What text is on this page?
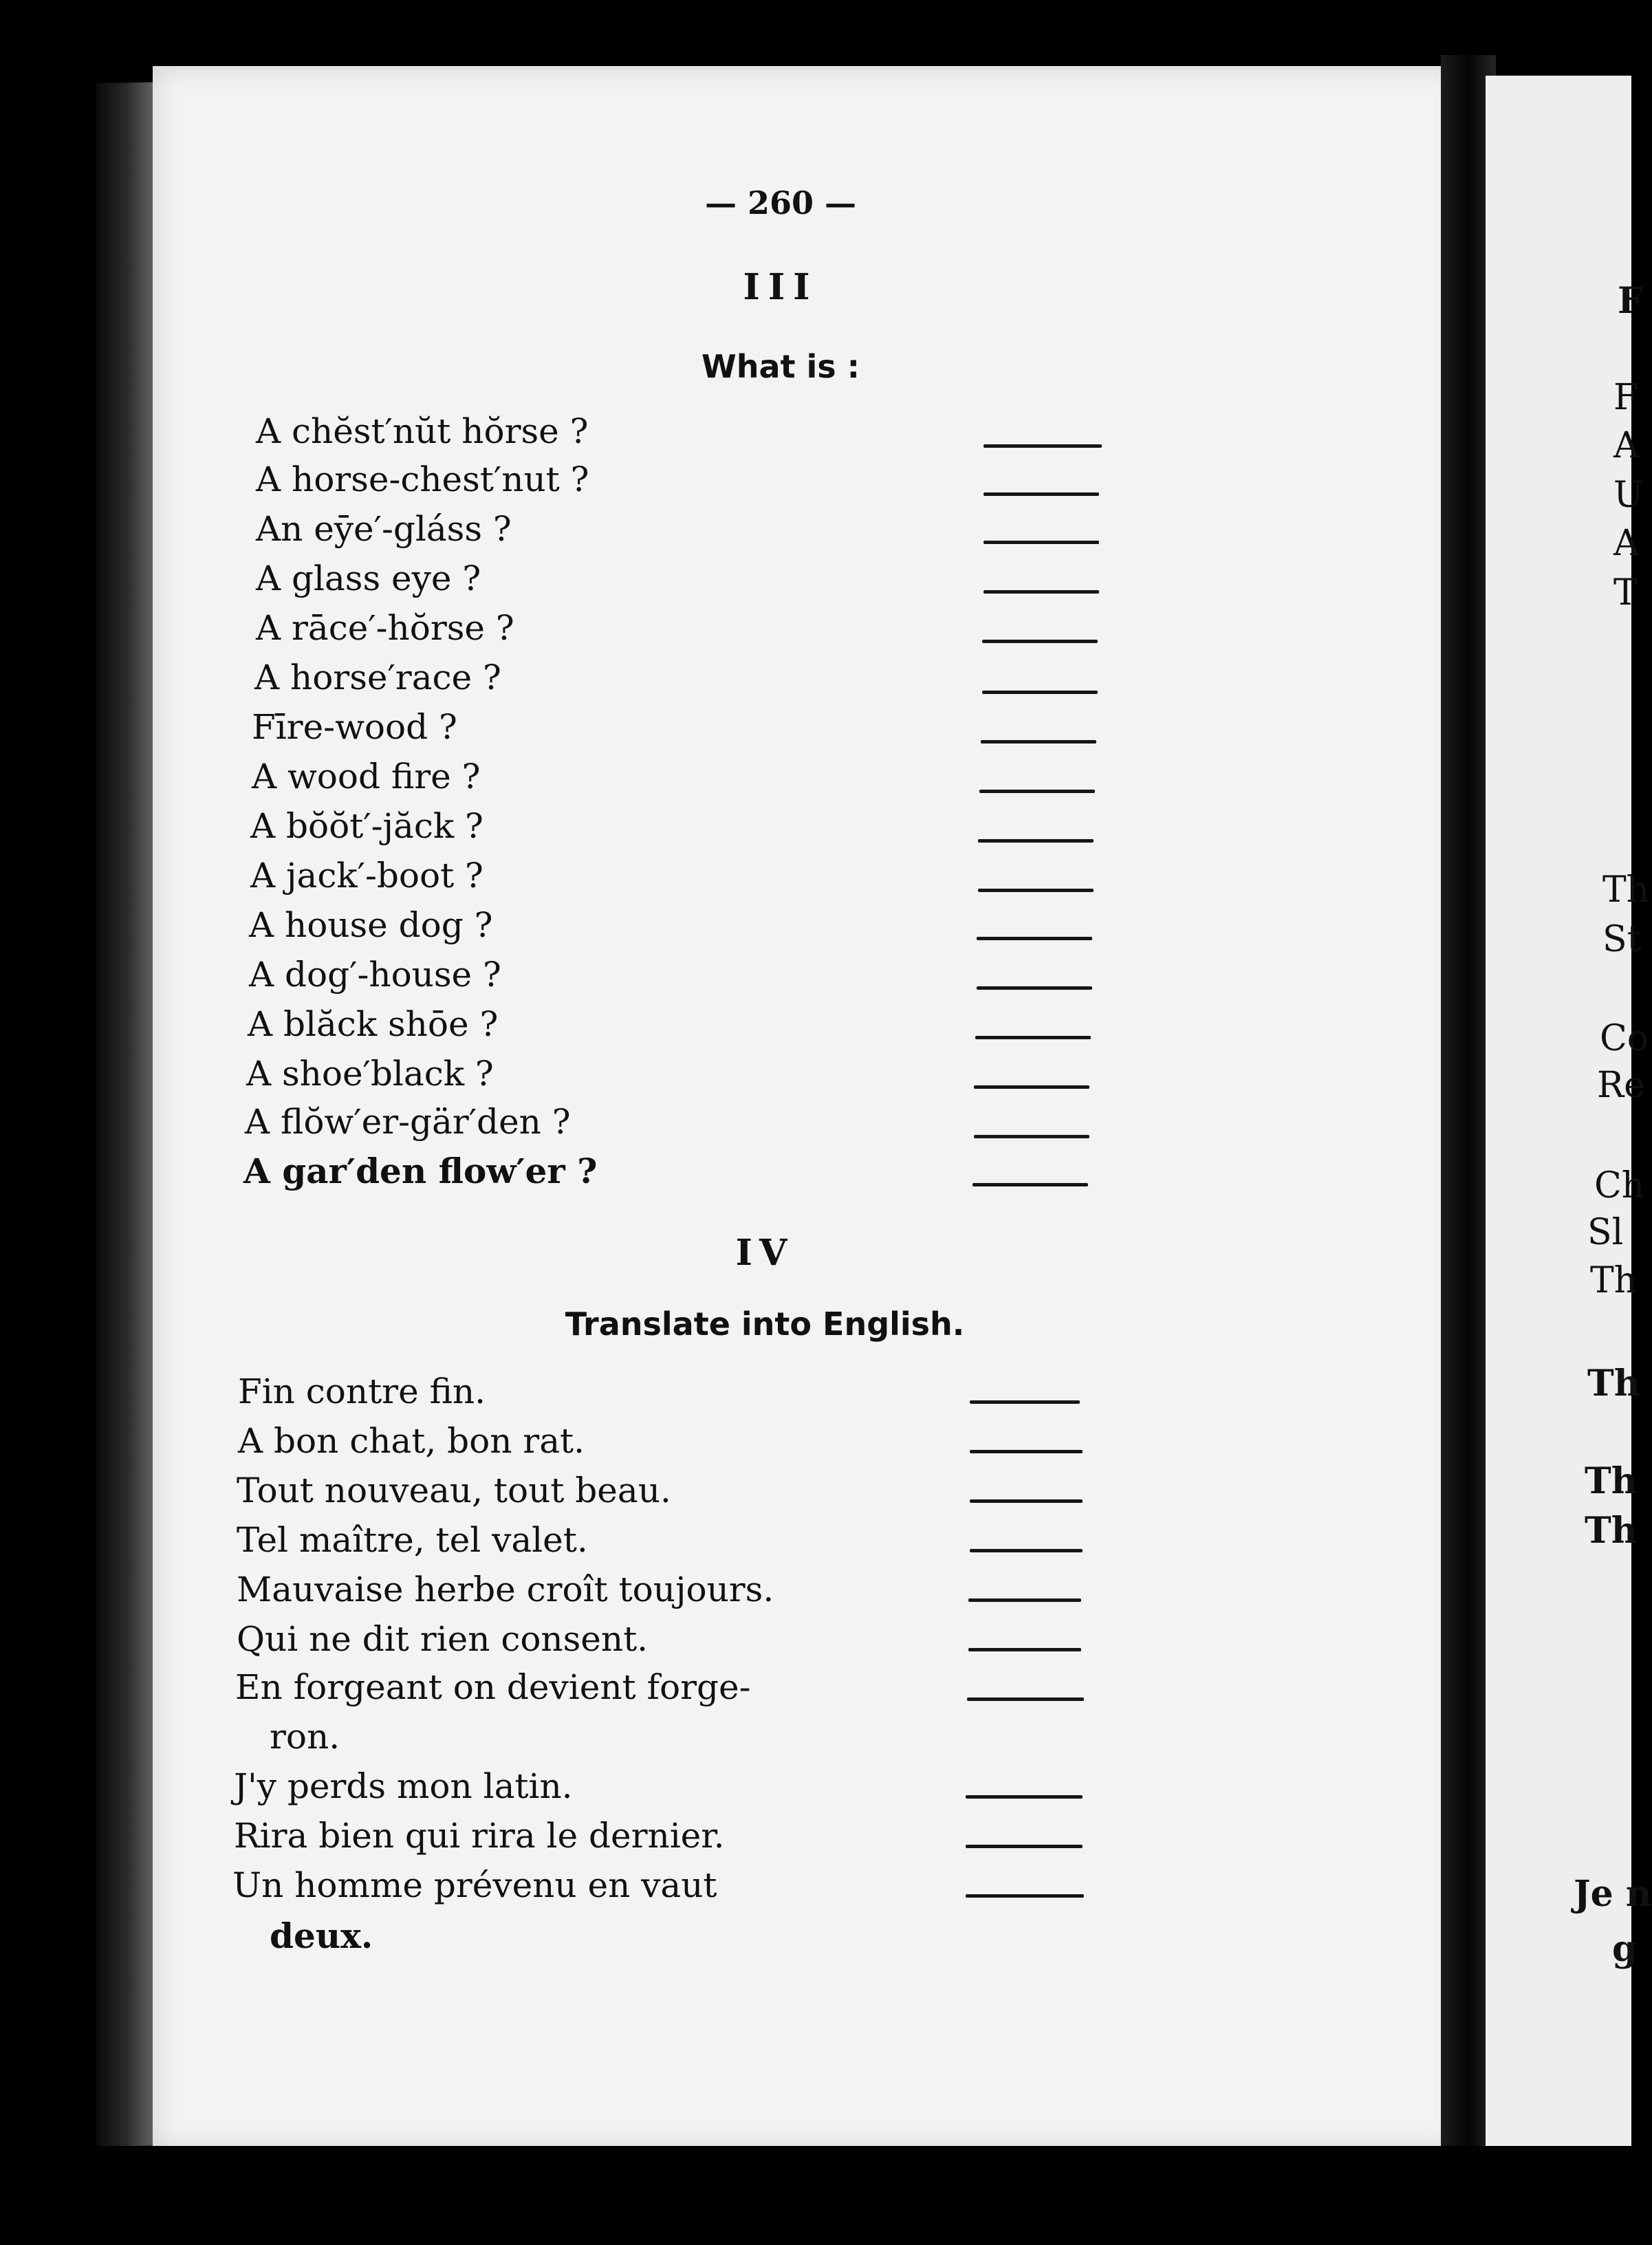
— 260 —
III
What is :
A chĕst′nŭt hŏrse ?
A horse-chest′nut ?
An eȳe′-gláss ?
A glass eye ?
A rāce′-hŏrse ?
A horse′race ?
Fīre-wood ?
A wood fire ?
A bŏŏt′-jăck ?
A jack′-boot ?
A house dog ?
A dog′-house ?
A blăck shōe ?
A shoe′black ?
A flŏw′er-gär′den ?
A gar′den flow′er ?
IV
Translate into English.
Fin contre fin.
A bon chat, bon rat.
Tout nouveau, tout beau.
Tel maître, tel valet.
Mauvaise herbe croît toujours.
Qui ne dit rien consent.
En forgeant on devient forge-
ron.
J'y perds mon latin.
Rira bien qui rira le dernier.
Un homme prévenu en vaut
deux.
F
F
A
U
A
T
Th
St
Co
Re
Ch
Sl
Th
Th
Th
Th
Je n
g
